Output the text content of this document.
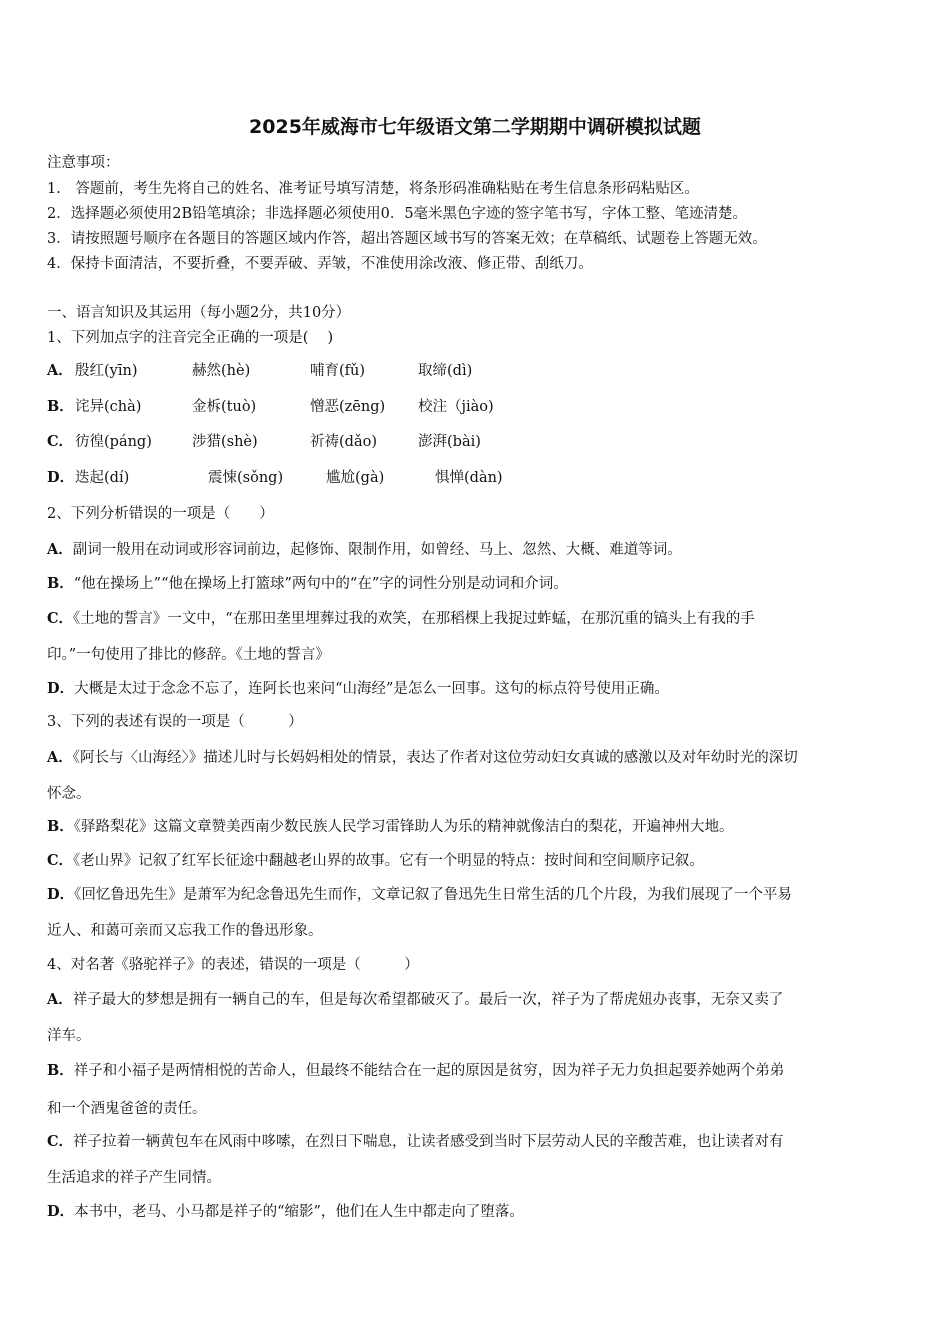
2025年威海市七年级语文第二学期期中调研模拟试题
注意事项：
1.　答题前，考生先将自己的姓名、准考证号填写清楚，将条形码准确粘贴在考生信息条形码粘贴区。
2．选择题必须使用2B铅笔填涂；非选择题必须使用0．5毫米黑色字迹的签字笔书写，字体工整、笔迹清楚。
3．请按照题号顺序在各题目的答题区域内作答，超出答题区域书写的答案无效；在草稿纸、试题卷上答题无效。
4．保持卡面清洁，不要折叠，不要弄破、弄皱，不准使用涂改液、修正带、刮纸刀。
一、语言知识及其运用（每小题2分，共10分）
1、下列加点字的注音完全正确的一项是(　 )
A． 殷红(yīn)	赫然(hè)	哺育(fǔ)	取缔(dì)
B． 诧异(chà)	金柝(tuò)	憎恶(zēng) 校注（jiào)
C． 彷徨(páng)	涉猎(shè)	祈祷(dǎo)	澎湃(bài)
D． 迭起(dí)	震悚(sǒng)	尴尬(gà)	惧惮(dàn)
2、下列分析错误的一项是（　　）
A．副词一般用在动词或形容词前边，起修饰、限制作用，如曾经、马上、忽然、大概、难道等词。
B．“他在操场上”“他在操场上打篮球”两句中的“在”字的词性分别是动词和介词。
C．《土地的誓言》一文中，“在那田垄里埋葬过我的欢笑，在那稻棵上我捉过蚱蜢，在那沉重的镐头上有我的手
印。”一句使用了排比的修辞。《土地的誓言》
D．大概是太过于念念不忘了，连阿长也来问“山海经”是怎么一回事。这句的标点符号使用正确。
3、下列的表述有误的一项是（　　　）
A．《阿长与〈山海经〉》描述儿时与长妈妈相处的情景，表达了作者对这位劳动妇女真诚的感激以及对年幼时光的深切
怀念。
B．《驿路梨花》这篇文章赞美西南少数民族人民学习雷锋助人为乐的精神就像洁白的梨花，开遍神州大地。
C．《老山界》记叙了红军长征途中翻越老山界的故事。它有一个明显的特点：按时间和空间顺序记叙。
D．《回忆鲁迅先生》是萧军为纪念鲁迅先生而作，文章记叙了鲁迅先生日常生活的几个片段，为我们展现了一个平易
近人、和蔼可亲而又忘我工作的鲁迅形象。
4、对名著《骆驼祥子》的表述，错误的一项是（　　　）
A．祥子最大的梦想是拥有一辆自己的车，但是每次希望都破灭了。最后一次，祥子为了帮虎妞办丧事，无奈又卖了
洋车。
B．祥子和小福子是两情相悦的苦命人，但最终不能结合在一起的原因是贫穷，因为祥子无力负担起要养她两个弟弟
和一个酒鬼爸爸的责任。
C．祥子拉着一辆黄包车在风雨中哆嗦，在烈日下喘息，让读者感受到当时下层劳动人民的辛酸苦难，也让读者对有
生活追求的祥子产生同情。
D．本书中，老马、小马都是祥子的“缩影”，他们在人生中都走向了堕落。
